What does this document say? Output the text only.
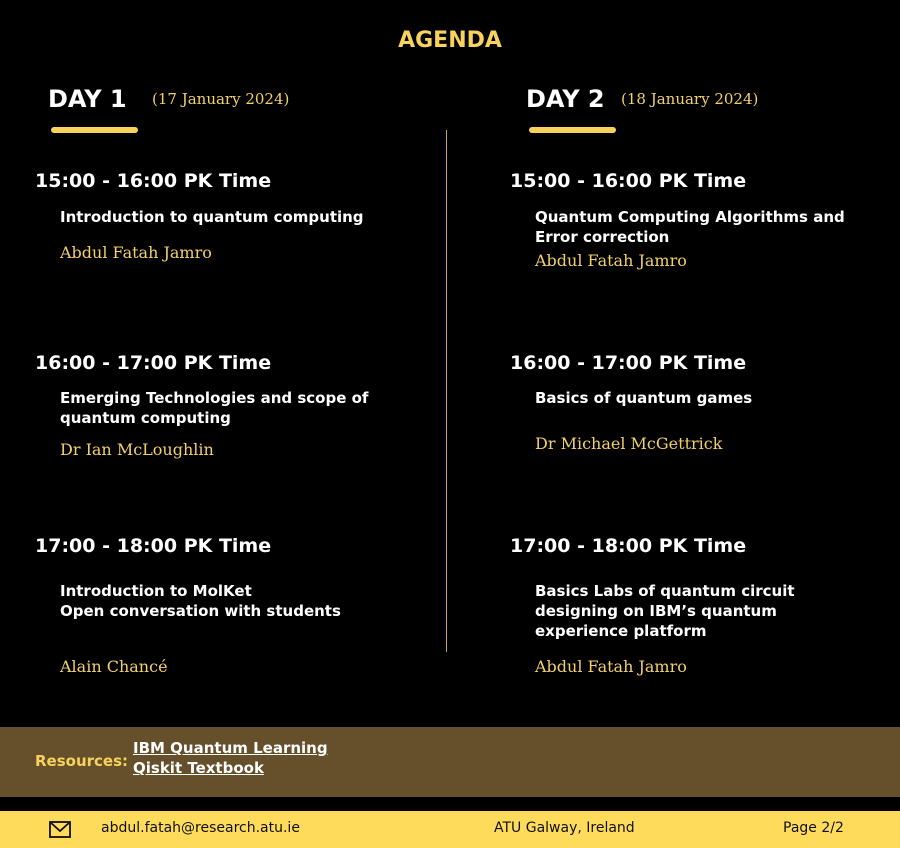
AGENDA
DAY 1 (17 January 2024)	DAY 2 (18 January 2024)
15:00 - 16:00 PK Time
Introduction to quantum computing
Abdul Fatah Jamro
16:00 - 17:00 PK Time
Emerging Technologies and scope of quantum computing
Dr Ian McLoughlin
17:00 - 18:00 PK Time
Introduction to MolKet
Open conversation with students
Alain Chancé
15:00 - 16:00 PK Time
Quantum Computing Algorithms and Error correction
Abdul Fatah Jamro
16:00 - 17:00 PK Time
Basics of quantum games
Dr Michael McGettrick
17:00 - 18:00 PK Time
Basics Labs of quantum circuit designing on IBM’s quantum experience platform
Abdul Fatah Jamro
Resources:
IBM Quantum Learning
Qiskit Textbook
abdul.fatah@research.atu.ie	ATU Galway, Ireland	Page 2/2
